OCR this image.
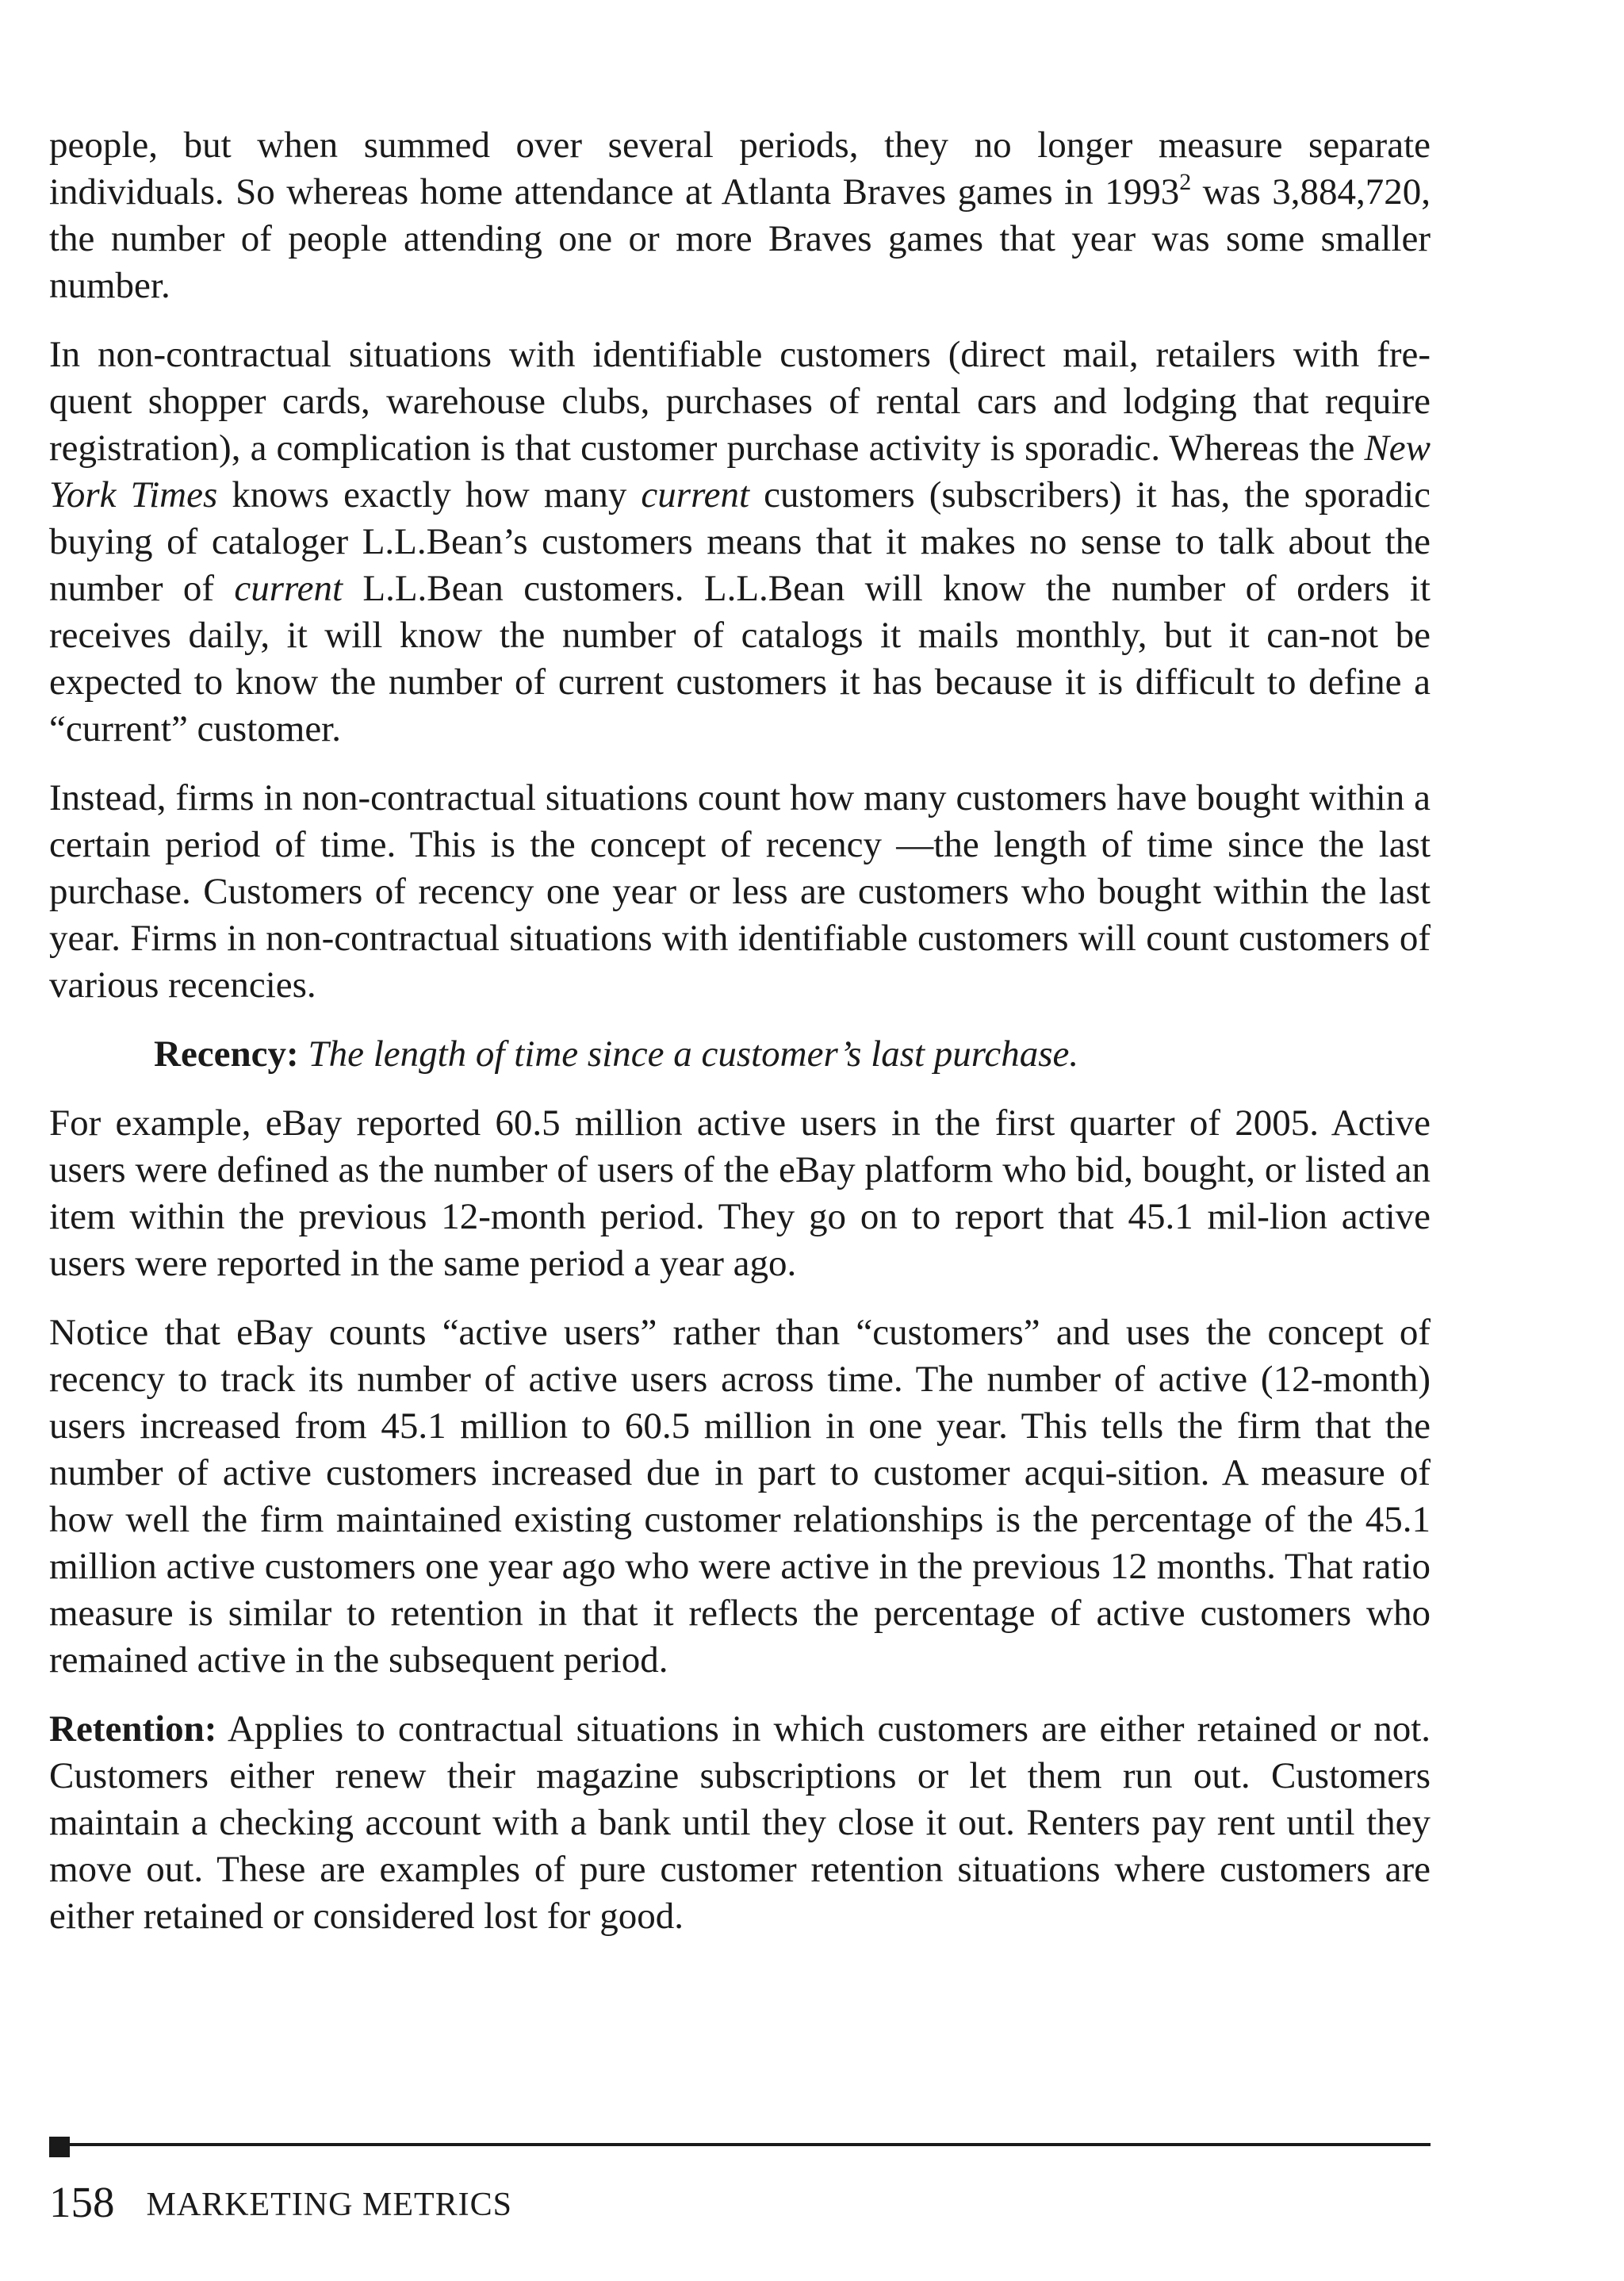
people, but when summed over several periods, they no longer measure separate individuals. So whereas home attendance at Atlanta Braves games in 1993$^2$ was 3,884,720, the number of people attending one or more Braves games that year was some smaller number.

In non-contractual situations with identifiable customers (direct mail, retailers with fre-quent shopper cards, warehouse clubs, purchases of rental cars and lodging that require registration), a complication is that customer purchase activity is sporadic. Whereas the New York Times knows exactly how many current customers (subscribers) it has, the sporadic buying of cataloger L.L.Bean’s customers means that it makes no sense to talk about the number of current L.L.Bean customers. L.L.Bean will know the number of orders it receives daily, it will know the number of catalogs it mails monthly, but it can-not be expected to know the number of current customers it has because it is difficult to define a “current” customer.

Instead, firms in non-contractual situations count how many customers have bought within a certain period of time. This is the concept of recency —the length of time since the last purchase. Customers of recency one year or less are customers who bought within the last year. Firms in non-contractual situations with identifiable customers will count customers of various recencies.

Recency: The length of time since a customer’s last purchase.

For example, eBay reported 60.5 million active users in the first quarter of 2005. Active users were defined as the number of users of the eBay platform who bid, bought, or listed an item within the previous 12-month period. They go on to report that 45.1 mil-lion active users were reported in the same period a year ago.

Notice that eBay counts “active users” rather than “customers” and uses the concept of recency to track its number of active users across time. The number of active (12-month) users increased from 45.1 million to 60.5 million in one year. This tells the firm that the number of active customers increased due in part to customer acqui-sition. A measure of how well the firm maintained existing customer relationships is the percentage of the 45.1 million active customers one year ago who were active in the previous 12 months. That ratio measure is similar to retention in that it reflects the percentage of active customers who remained active in the subsequent period.

Retention: Applies to contractual situations in which customers are either retained or not. Customers either renew their magazine subscriptions or let them run out. Customers maintain a checking account with a bank until they close it out. Renters pay rent until they move out. These are examples of pure customer retention situations where customers are either retained or considered lost for good.

158 MARKETING METRICS
